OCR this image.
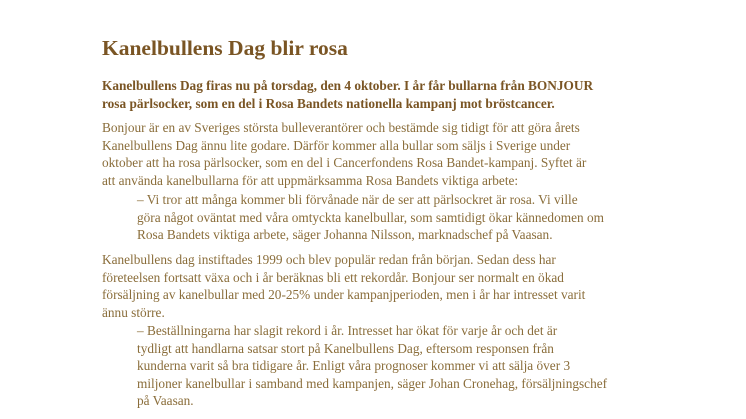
Kanelbullens Dag blir rosa

Kanelbullens Dag firas nu på torsdag, den 4 oktober. I år får bullarna från BONJOUR
rosa pärlsocker, som en del i Rosa Bandets nationella kampanj mot bröstcancer.

Bonjour är en av Sveriges största bulleverantörer och bestämde sig tidigt för att göra årets
Kanelbullens Dag ännu lite godare. Därför kommer alla bullar som säljs i Sverige under
oktober att ha rosa pärlsocker, som en del i Cancerfondens Rosa Bandet-kampanj. Syftet är
att använda kanelbullarna för att uppmärksamma Rosa Bandets viktiga arbete:

– Vi tror att många kommer bli förvånade när de ser att pärlsockret är rosa. Vi ville
göra något oväntat med våra omtyckta kanelbullar, som samtidigt ökar kännedomen om
Rosa Bandets viktiga arbete, säger Johanna Nilsson, marknadschef på Vaasan.

Kanelbullens dag instiftades 1999 och blev populär redan från början. Sedan dess har
företeelsen fortsatt växa och i år beräknas bli ett rekordår. Bonjour ser normalt en ökad
försäljning av kanelbullar med 20-25% under kampanjperioden, men i år har intresset varit
ännu större.

– Beställningarna har slagit rekord i år. Intresset har ökat för varje år och det är
tydligt att handlarna satsar stort på Kanelbullens Dag, eftersom responsen från
kunderna varit så bra tidigare år. Enligt våra prognoser kommer vi att sälja över 3
miljoner kanelbullar i samband med kampanjen, säger Johan Cronehag, försäljningschef
på Vaasan.
